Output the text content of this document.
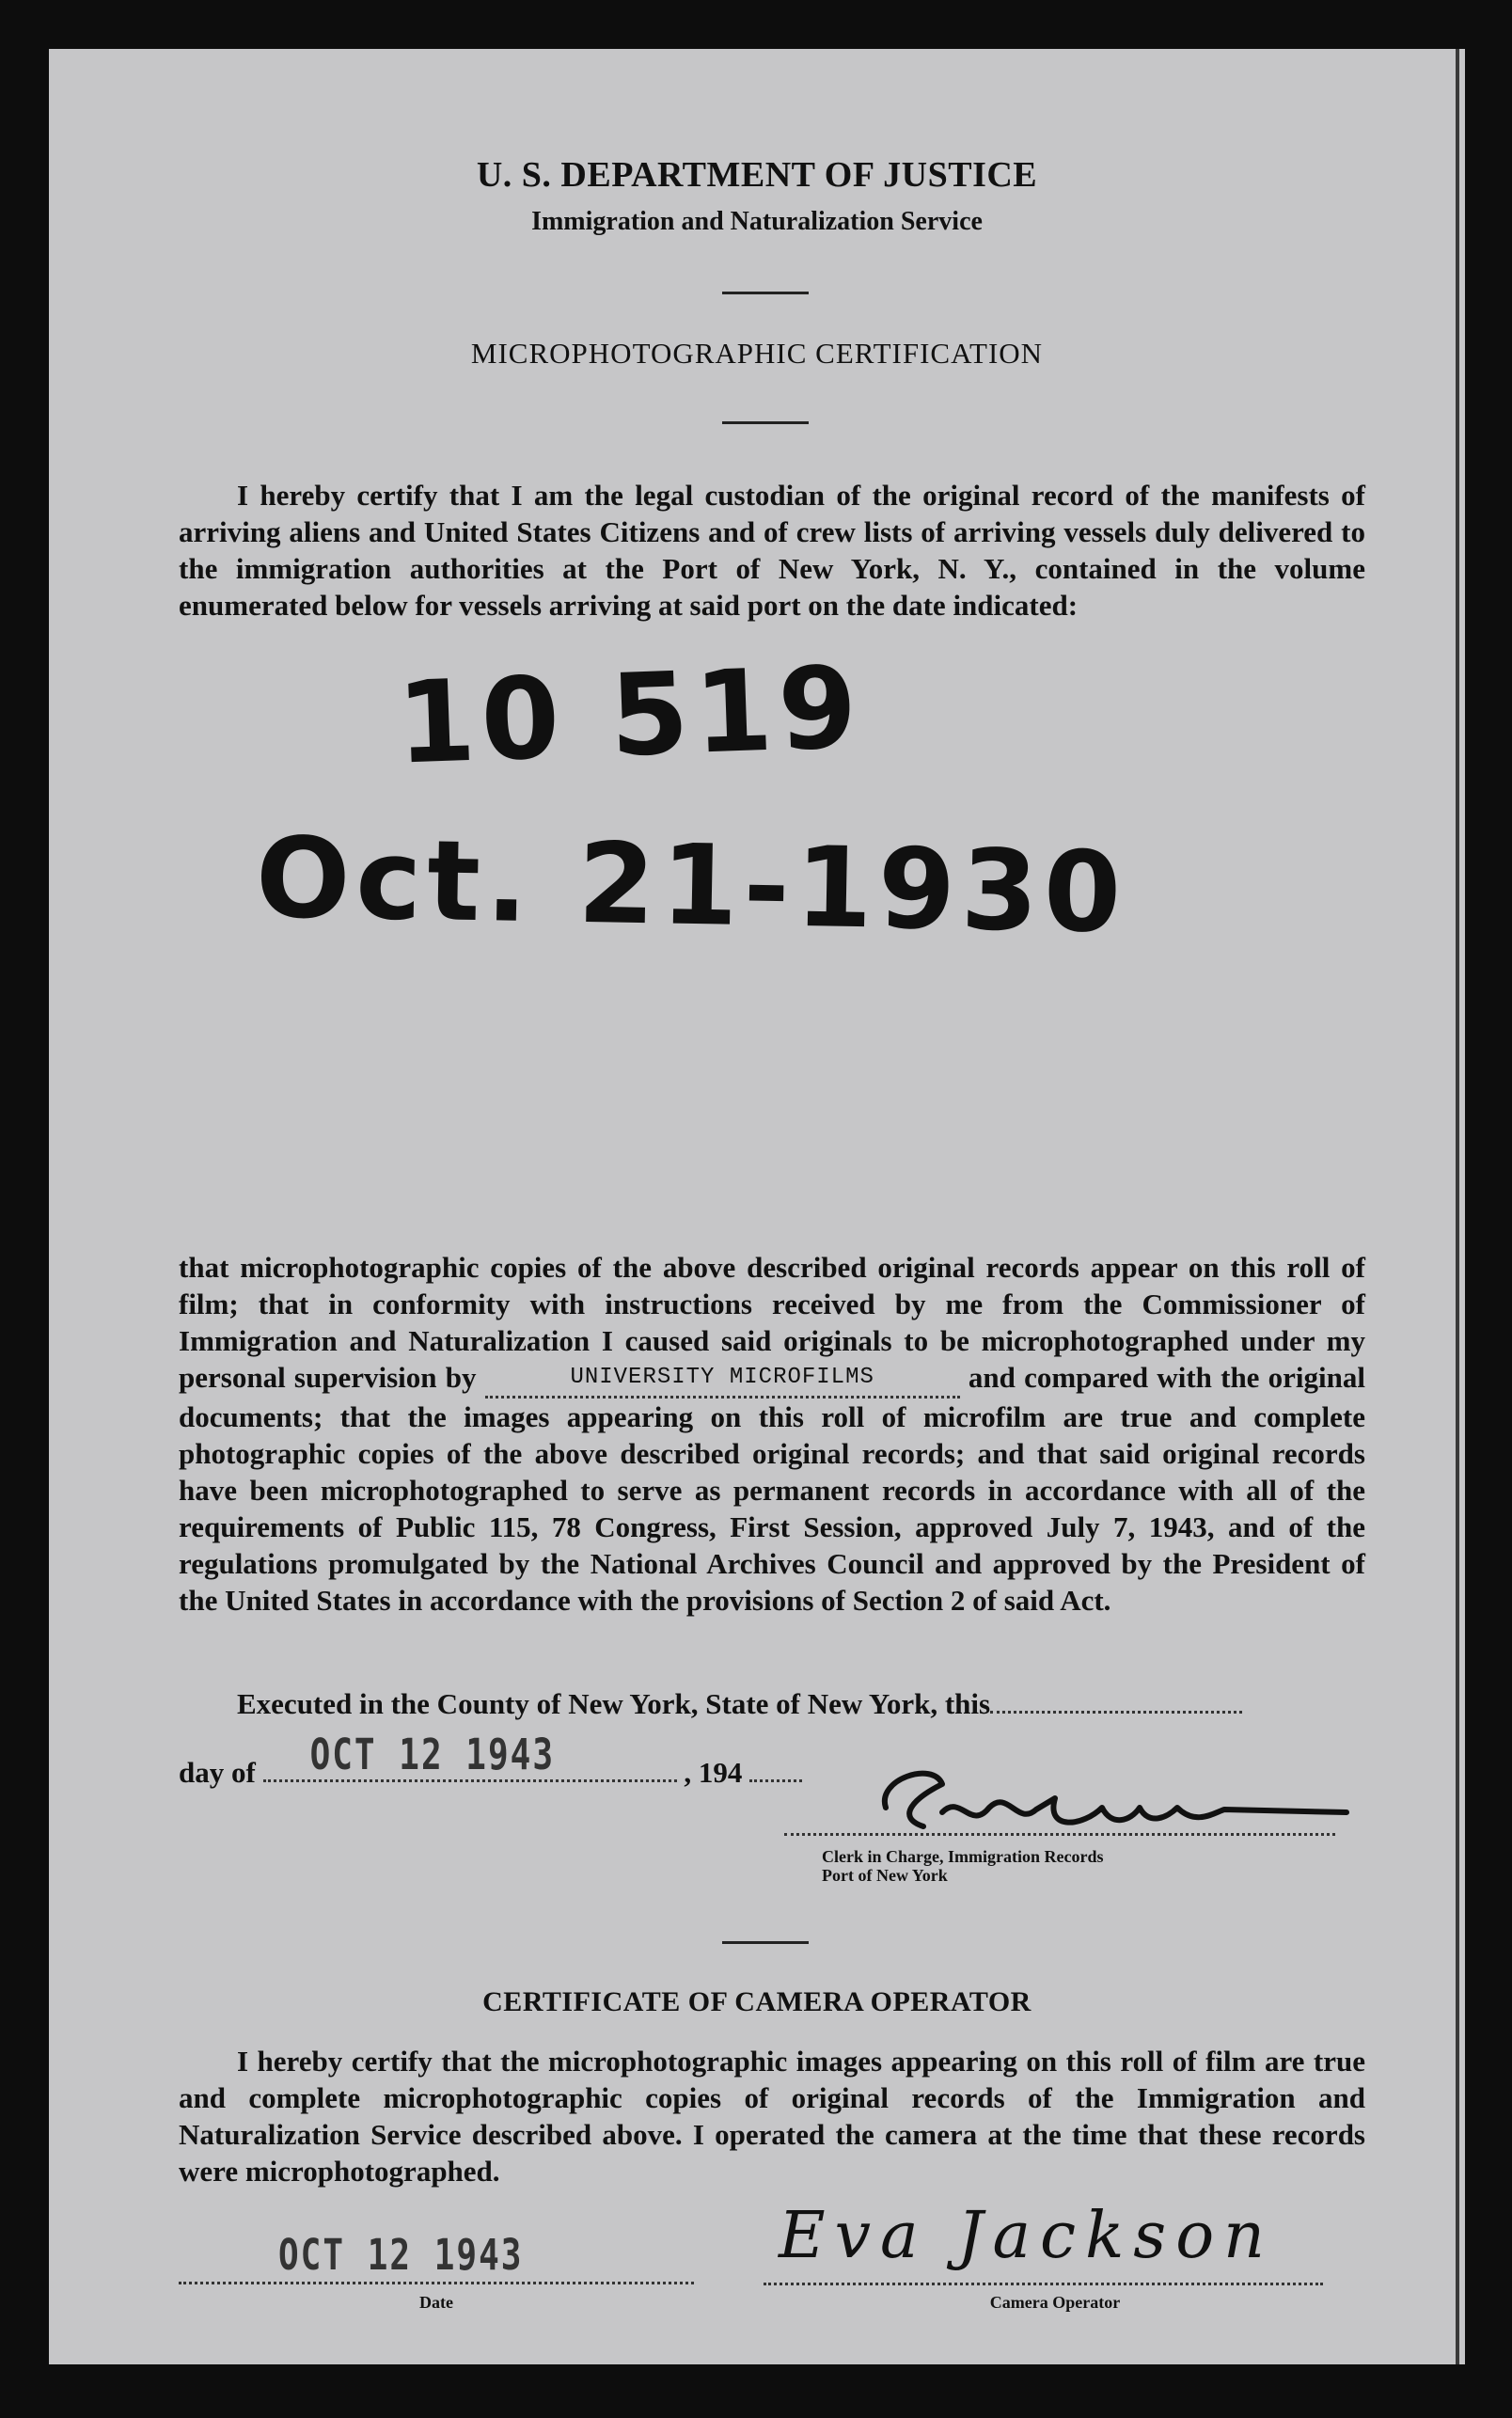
U. S. DEPARTMENT OF JUSTICE
Immigration and Naturalization Service
MICROPHOTOGRAPHIC CERTIFICATION

I hereby certify that I am the legal custodian of the original record of the manifests of arriving aliens and United States Citizens and of crew lists of arriving vessels duly delivered to the immigration authorities at the Port of New York, N. Y., contained in the volume enumerated below for vessels arriving at said port on the date indicated:

10 519
Oct. 21-1930

that microphotographic copies of the above described original records appear on this roll of film; that in conformity with instructions received by me from the Commissioner of Immigration and Naturalization I caused said originals to be microphotographed under my personal supervision by	UNIVERSITY MICROFILMS	and compared with the original documents; that the images appearing on this roll of microfilm are true and complete photographic copies of the above described original records; and that said original records have been microphotographed to serve as permanent records in accordance with all of the requirements of Public 115, 78 Congress, First Session, approved July 7, 1943, and of the regulations promulgated by the National Archives Council and approved by the President of the United States in accordance with the provisions of Section 2 of said Act.

Executed in the County of New York, State of New York, this

day of OCT 12 1943	, 194
Clerk in Charge, Immigration Records
Port of New York
CERTIFICATE OF CAMERA OPERATOR

I hereby certify that the microphotographic images appearing on this roll of film are true and complete microphotographic copies of original records of the Immigration and Naturalization Service described above. I operated the camera at the time that these records were microphotographed.

OCT 12 1943
Date
Eva Jackson
Camera Operator
